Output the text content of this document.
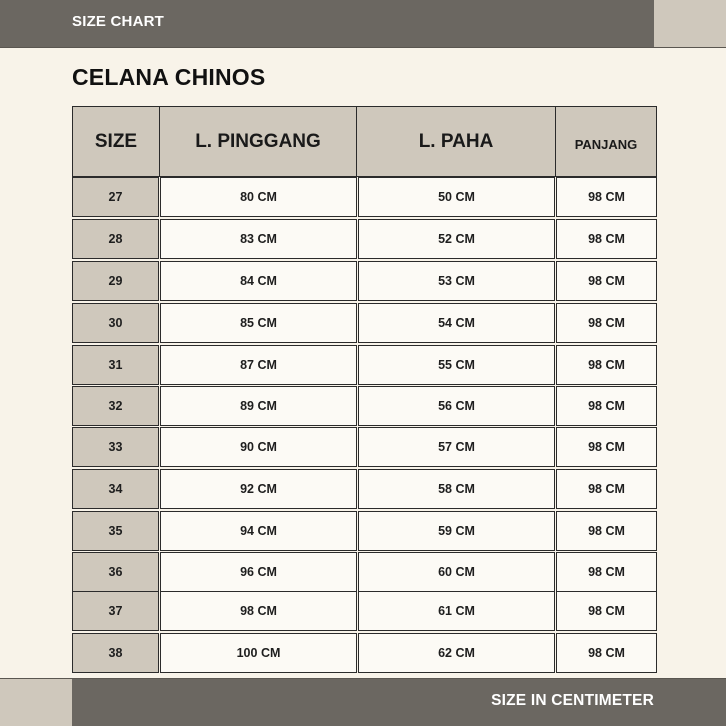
SIZE CHART
CELANA CHINOS
SIZE	L. PINGGANG	L. PAHA	PANJANG
27	80 CM	50 CM	98 CM
28	83 CM	52 CM	98 CM
29	84 CM	53 CM	98 CM
30	85 CM	54 CM	98 CM
31	87 CM	55 CM	98 CM
32	89 CM	56 CM	98 CM
33	90 CM	57 CM	98 CM
34	92 CM	58 CM	98 CM
35	94 CM	59 CM	98 CM
36	96 CM	60 CM	98 CM
37	98 CM	61 CM	98 CM
38	100 CM	62 CM	98 CM
SIZE IN CENTIMETER
